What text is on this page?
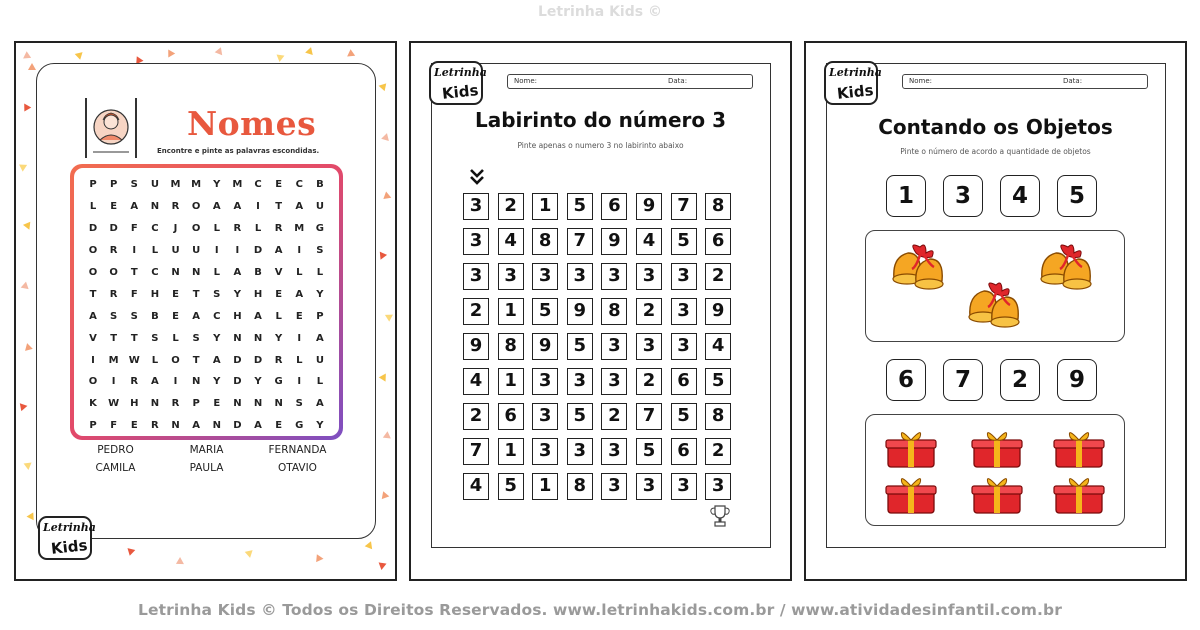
Letrinha Kids ©
Nomes
Encontre e pinte as palavras escondidas.
P	P	S	U	M	M	Y	M	C	E	C	B
L	E	A	N	R	O	A	A	I	T	A	U
D	D	F	C	J	O	L	R	L	R	M	G
O	R	I	L	U	U	I	I	D	A	I	S
O	O	T	C	N	N	L	A	B	V	L	L
T	R	F	H	E	T	S	Y	H	E	A	Y
A	S	S	B	E	A	C	H	A	L	E	P
V	T	T	S	L	S	Y	N	N	Y	I	A
I	M	W	L	O	T	A	D	D	R	L	U
O	I	R	A	I	N	Y	D	Y	G	I	L
K	W	H	N	R	P	E	N	N	N	S	A
P	F	E	R	N	A	N	D	A	E	G	Y
PEDRO	MARIA	FERNANDA
CAMILA	PAULA	OTAVIO
Letrinha
Kids
Letrinha
Kids
Nome:	Data:
Labirinto do número 3
Pinte apenas o numero 3 no labirinto abaixo
3	2	1	5	6	9	7	8
3	4	8	7	9	4	5	6
3	3	3	3	3	3	3	2
2	1	5	9	8	2	3	9
9	8	9	5	3	3	3	4
4	1	3	3	3	2	6	5
2	6	3	5	2	7	5	8
7	1	3	3	3	5	6	2
4	5	1	8	3	3	3	3
Letrinha
Kids
Nome:	Data:
Contando os Objetos
Pinte o número de acordo a quantidade de objetos
1	3	4	5
6	7	2	9
Letrinha Kids © Todos os Direitos Reservados. www.letrinhakids.com.br / www.atividadesinfantil.com.br
